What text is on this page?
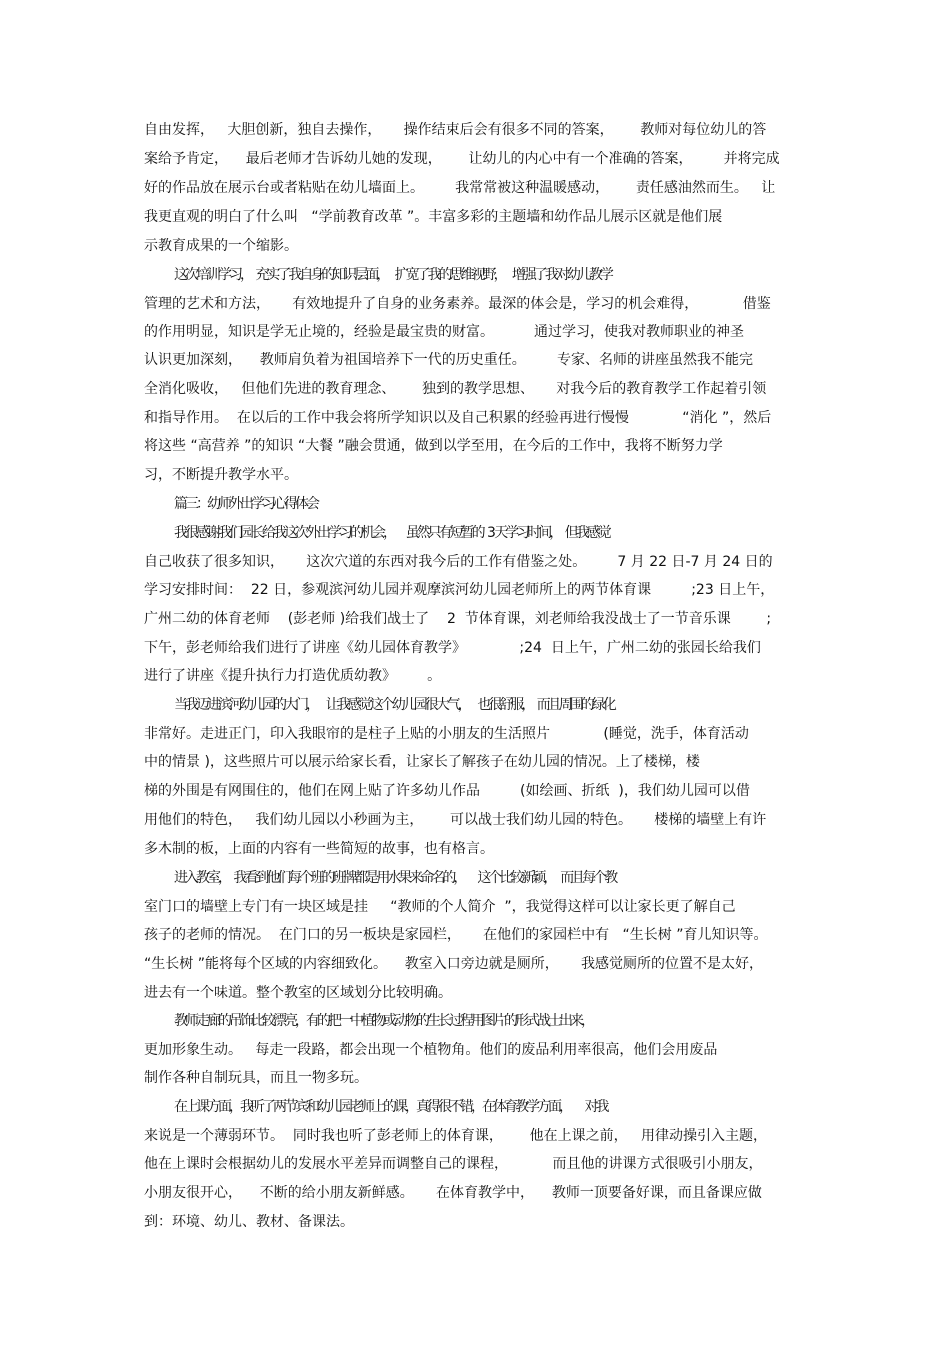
自由发挥，   大胆创新，独自去操作，     操作结束后会有很多不同的答案，      教师对每位幼儿的答
案给予肯定，    最后老师才告诉幼儿她的发现，      让幼儿的内心中有一个准确的答案，       并将完成
好的作品放在展示台或者粘贴在幼儿墙面上。       我常常被这种温暖感动，      责任感油然而生。   让
我更直观的明白了什么叫   “学前教育改革 ”。丰富多彩的主题墙和幼作品儿展示区就是他们展
示教育成果的一个缩影。
这次培训学习，   充实了我自身的知识层面，     扩宽了我的思维视野，     增强了我对幼儿教学
管理的艺术和方法，     有效地提升了自身的业务素养。最深的体会是，学习的机会难得，          借鉴
的作用明显，知识是学无止境的，经验是最宝贵的财富。         通过学习，使我对教师职业的神圣
认识更加深刻，    教师肩负着为祖国培养下一代的历史重任。       专家、名师的讲座虽然我不能完
全消化吸收，   但他们先进的教育理念、      独到的教学思想、     对我今后的教育教学工作起着引领
和指导作用。  在以后的工作中我会将所学知识以及自己积累的经验再进行慢慢            “消化 ”，然后
将这些 “高营养 ”的知识 “大餐 ”融会贯通，做到以学至用，在今后的工作中，我将不断努力学
习，不断提升教学水平。
篇三：幼师外出学习心得体会
我很感谢我们园长给我这次外出学习的机会，        虽然只有短暂的   3 天学习时间，   但我感觉
自己收获了很多知识，     这次穴道的东西对我今后的工作有借鉴之处。       7 月 22 日-7 月 24 日的
学习安排时间：  22 日，参观滨河幼儿园并观摩滨河幼儿园老师所上的两节体育课         ;23 日上午，
广州二幼的体育老师    (彭老师 )给我们战士了    2  节体育课，刘老师给我没战士了一节音乐课        ;
下午，彭老师给我们进行了讲座《幼儿园体育教学》            ;24  日上午，广州二幼的张园长给我们
进行了讲座《提升执行力打造优质幼教》       。
当我迈进滨河幼儿园的大门，      让我感觉这个幼儿园很大气，      也很舒服，   而且周围的绿化
非常好。走进正门，印入我眼帘的是柱子上贴的小朋友的生活照片            (睡觉，洗手，体育活动
中的情景 )，这些照片可以展示给家长看，让家长了解孩子在幼儿园的情况。上了楼梯，楼
梯的外围是有网围住的，他们在网上贴了许多幼儿作品         (如绘画、折纸  )，我们幼儿园可以借
用他们的特色，   我们幼儿园以小秒画为主，      可以战士我们幼儿园的特色。     楼梯的墙壁上有许
多木制的板，上面的内容有一些简短的故事，也有格言。
进入教室，   我看到他们每个班的班牌都是用水果来命名的，         这个比较新颖，    而且每个教
室门口的墙壁上专门有一块区域是挂     “教师的个人简介  ”，我觉得这样可以让家长更了解自己
孩子的老师的情况。  在门口的另一板块是家园栏，     在他们的家园栏中有   “生长树 ”育儿知识等。
“生长树 ”能将每个区域的内容细致化。    教室入口旁边就是厕所，     我感觉厕所的位置不是太好，
进去有一个味道。整个教室的区域划分比较明确。
教师走廊的吊饰比较漂亮，有的把一中植物或动物的生长过程用图片的形式战士出来，
更加形象生动。   每走一段路，都会出现一个植物角。他们的废品利用率很高，他们会用废品
制作各种自制玩具，而且一物多玩。
在上课方面，我听了两节宾和幼儿园老师上的课，真得很不错，在体育教学方面，          对我
来说是一个薄弱环节。  同时我也听了彭老师上的体育课，      他在上课之前，   用律动操引入主题，
他在上课时会根据幼儿的发展水平差异而调整自己的课程，          而且他的讲课方式很吸引小朋友，
小朋友很开心，    不断的给小朋友新鲜感。     在体育教学中，    教师一顶要备好课，而且备课应做
到：环境、幼儿、教材、备课法。
